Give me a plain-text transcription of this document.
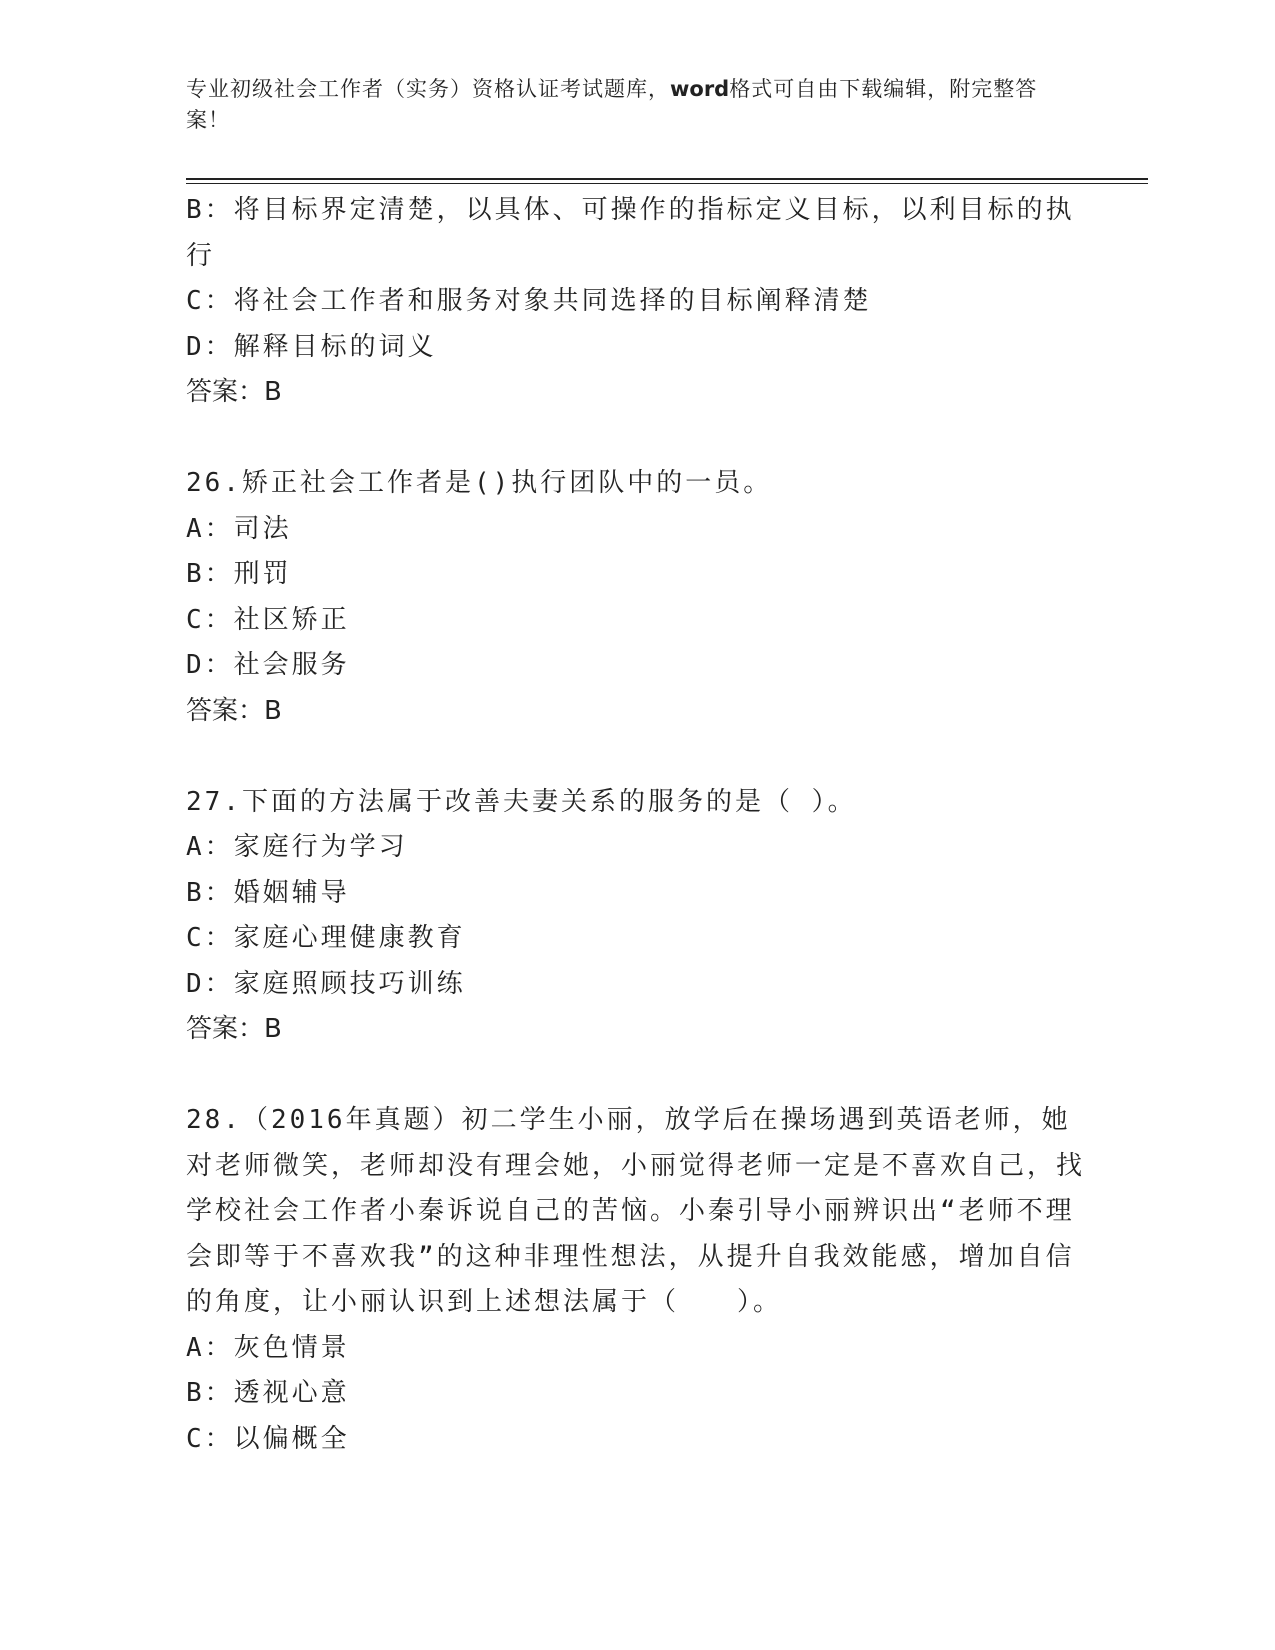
专业初级社会工作者（实务）资格认证考试题库，word格式可自由下载编辑，附完整答案！
B：将目标界定清楚，以具体、可操作的指标定义目标，以利目标的执行
C：将社会工作者和服务对象共同选择的目标阐释清楚
D：解释目标的词义
答案：B
26.矫正社会工作者是()执行团队中的一员。
A：司法
B：刑罚
C：社区矫正
D：社会服务
答案：B
27.下面的方法属于改善夫妻关系的服务的是（ ）。
A：家庭行为学习
B：婚姻辅导
C：家庭心理健康教育
D：家庭照顾技巧训练
答案：B
28.（2016年真题）初二学生小丽，放学后在操场遇到英语老师，她对老师微笑，老师却没有理会她，小丽觉得老师一定是不喜欢自己，找学校社会工作者小秦诉说自己的苦恼。小秦引导小丽辨识出“老师不理会即等于不喜欢我”的这种非理性想法，从提升自我效能感，增加自信的角度，让小丽认识到上述想法属于（　　）。
A：灰色情景
B：透视心意
C：以偏概全
